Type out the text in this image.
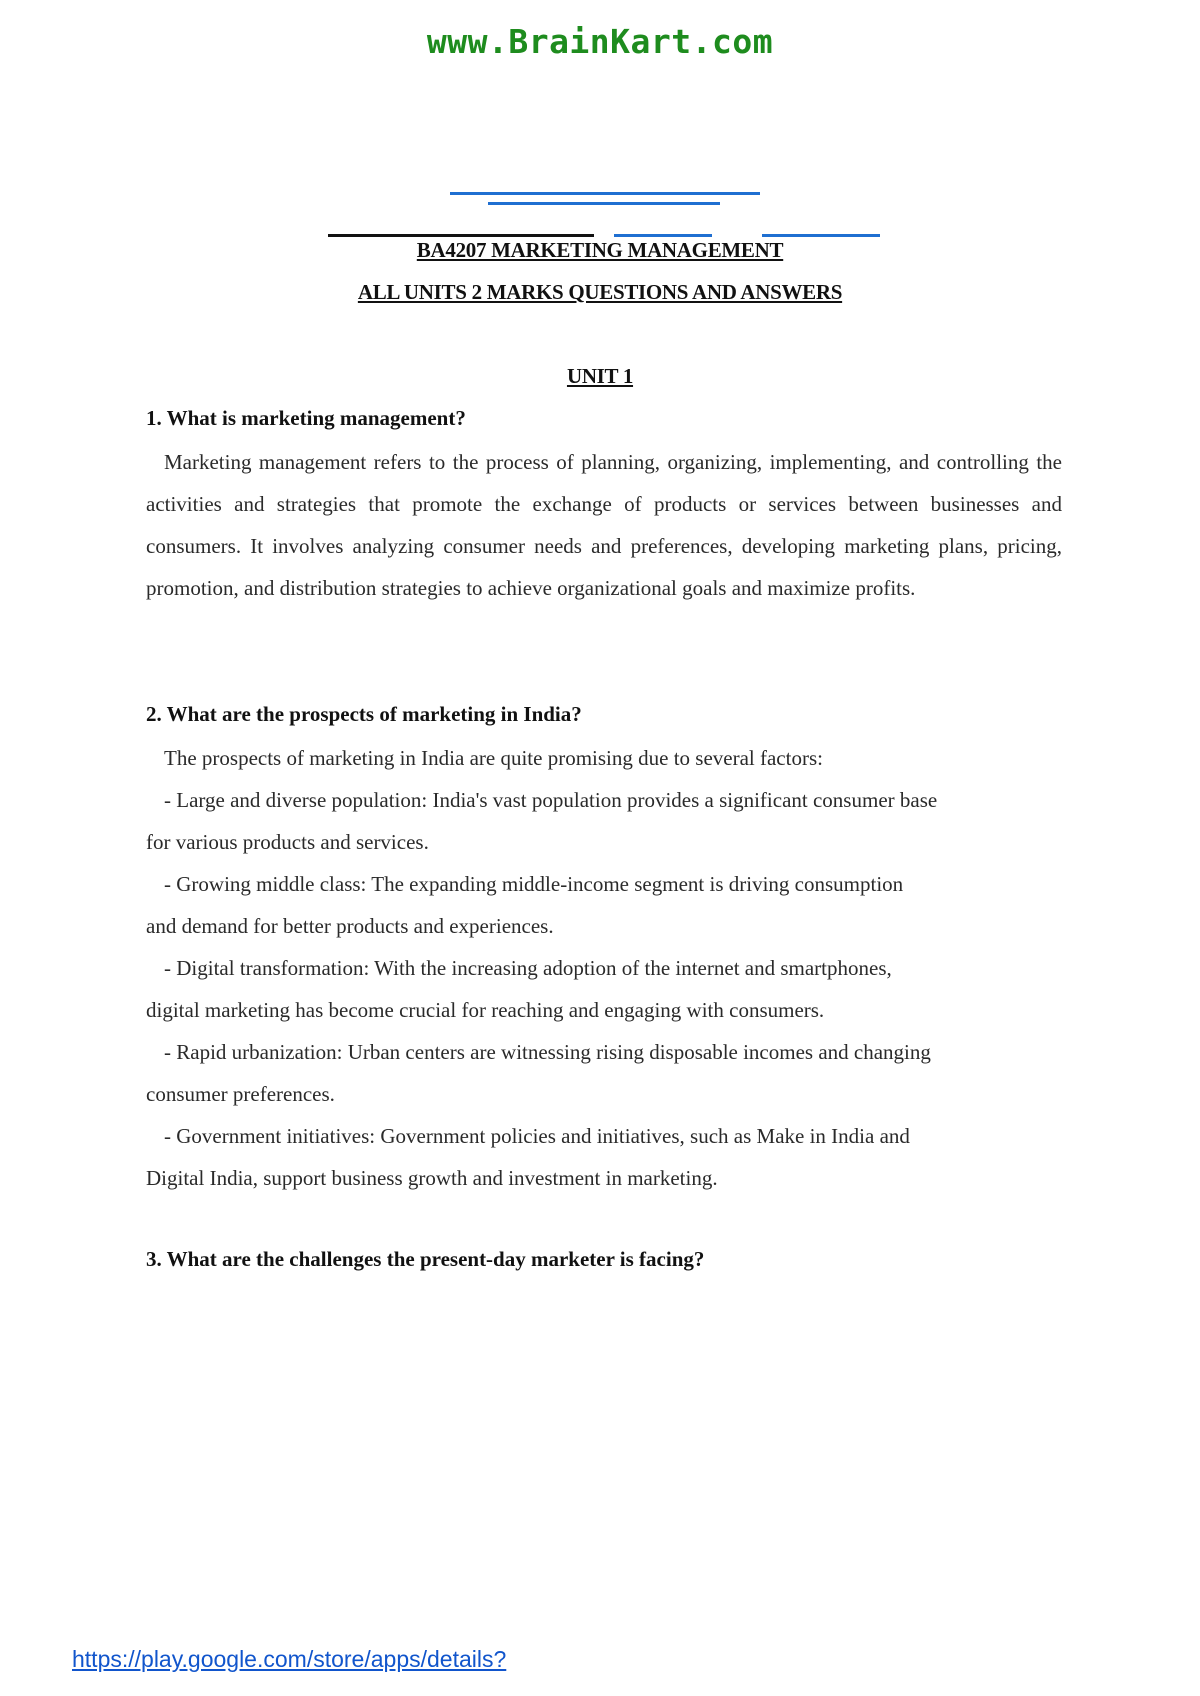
www.BrainKart.com
BA4207 MARKETING MANAGEMENT
ALL UNITS 2 MARKS QUESTIONS AND ANSWERS
UNIT 1
1. What is marketing management?
Marketing management refers to the process of planning, organizing, implementing, and controlling the activities and strategies that promote the exchange of products or services between businesses and consumers. It involves analyzing consumer needs and preferences, developing marketing plans, pricing, promotion, and distribution strategies to achieve organizational goals and maximize profits.
2. What are the prospects of marketing in India?
The prospects of marketing in India are quite promising due to several factors:
- Large and diverse population: India's vast population provides a significant consumer base
for various products and services.
- Growing middle class: The expanding middle-income segment is driving consumption
and demand for better products and experiences.
- Digital transformation: With the increasing adoption of the internet and smartphones,
digital marketing has become crucial for reaching and engaging with consumers.
- Rapid urbanization: Urban centers are witnessing rising disposable incomes and changing
consumer preferences.
- Government initiatives: Government policies and initiatives, such as Make in India and
Digital India, support business growth and investment in marketing.
3. What are the challenges the present-day marketer is facing?
https://play.google.com/store/apps/details?
